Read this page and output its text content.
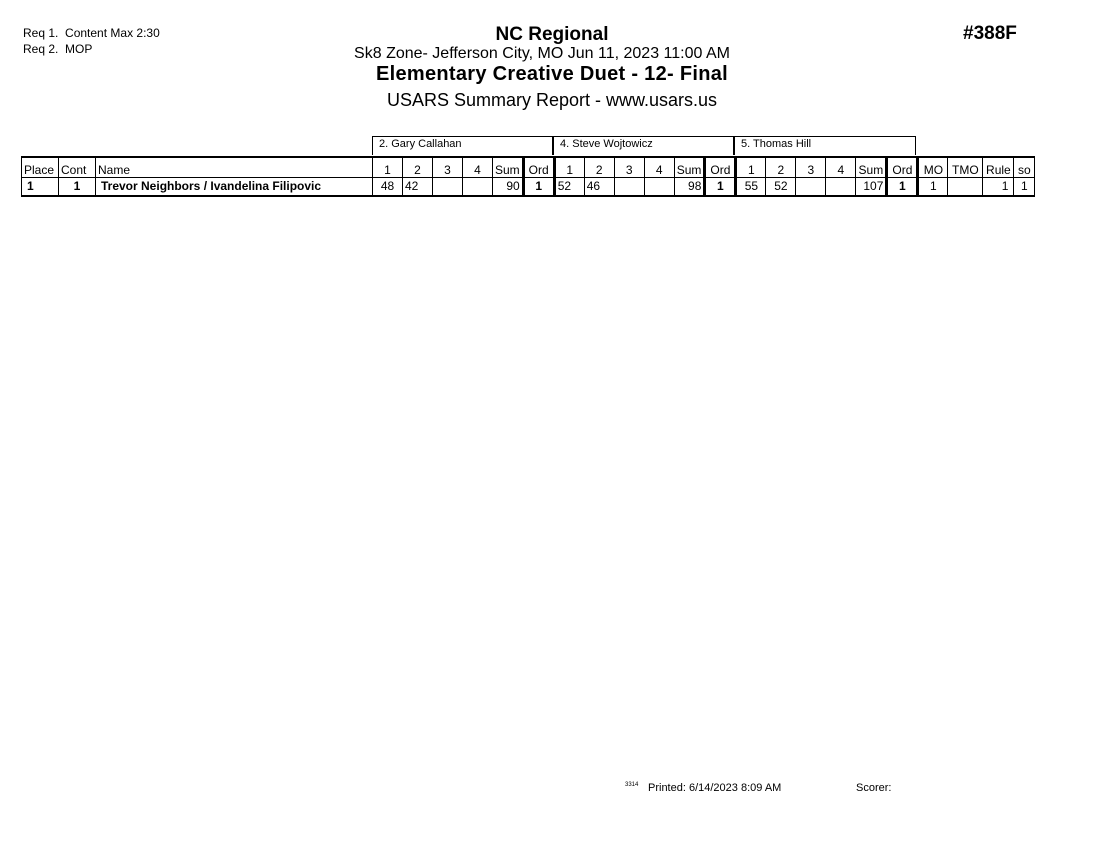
Req 1. Content Max 2:30
Req 2. MOP
NC Regional
Sk8 Zone- Jefferson City, MO Jun 11, 2023 11:00 AM
Elementary Creative Duet - 12- Final
USARS Summary Report - www.usars.us
#388F
2. Gary Callahan	4. Steve Wojtowicz	5. Thomas Hill
Place	Cont	Name	1	2	3	4	Sum	Ord	1	2	3	4	Sum	Ord	1	2	3	4	Sum	Ord	MO	TMO	Rule	so
1	1	Trevor Neighbors / Ivandelina Filipovic	48	42			90	1	52	46			98	1	55	52			107	1	1		1	1
3314 Printed: 6/14/2023 8:09 AM	Scorer:
